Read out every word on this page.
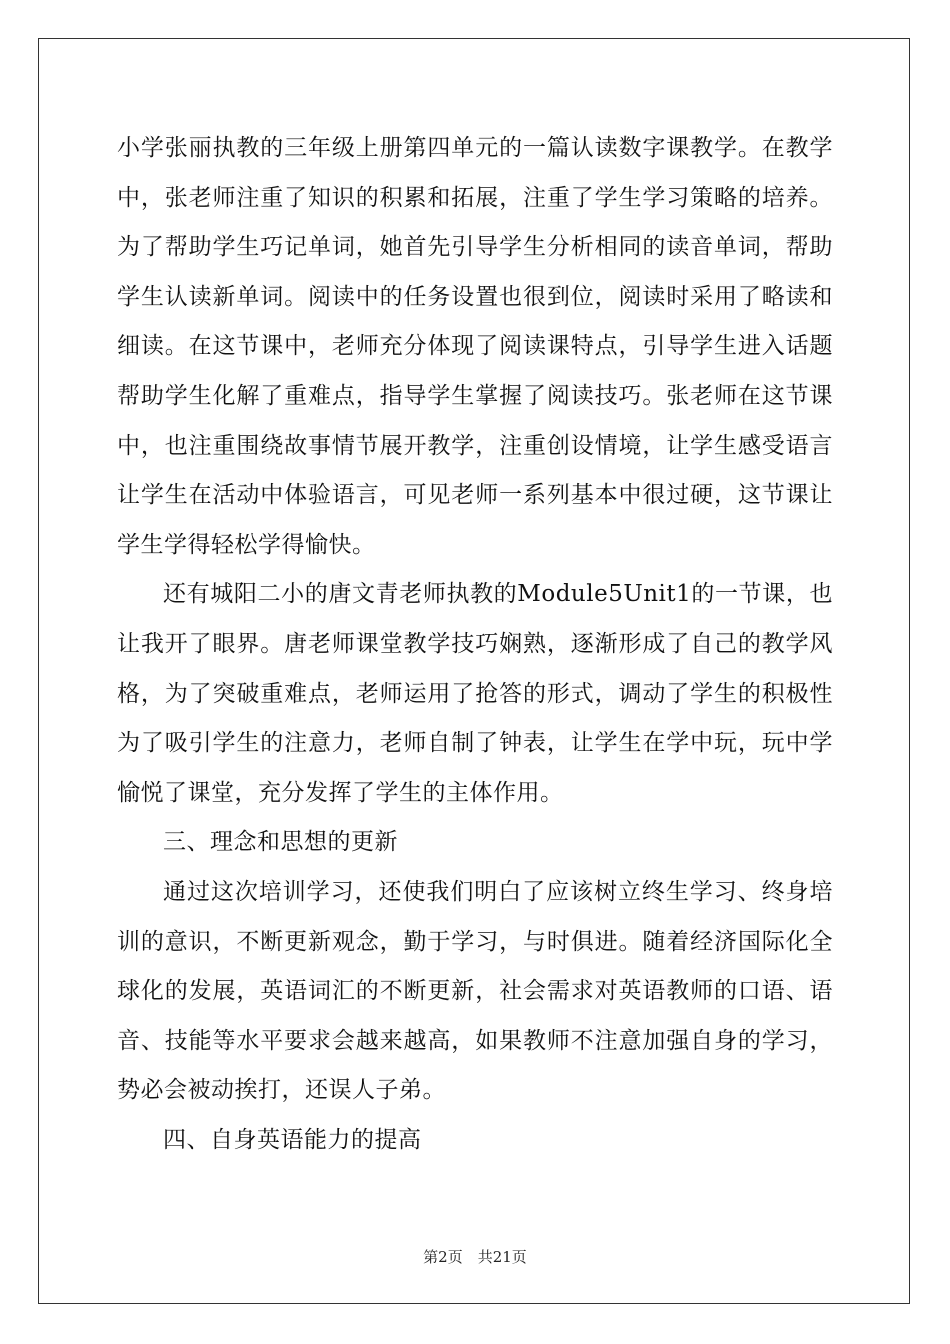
小学张丽执教的三年级上册第四单元的一篇认读数字课教学。在教学中，张老师注重了知识的积累和拓展，注重了学生学习策略的培养。为了帮助学生巧记单词，她首先引导学生分析相同的读音单词，帮助学生认读新单词。阅读中的任务设置也很到位，阅读时采用了略读和细读。在这节课中，老师充分体现了阅读课特点，引导学生进入话题帮助学生化解了重难点，指导学生掌握了阅读技巧。张老师在这节课中，也注重围绕故事情节展开教学，注重创设情境，让学生感受语言让学生在活动中体验语言，可见老师一系列基本中很过硬，这节课让学生学得轻松学得愉快。

还有城阳二小的唐文青老师执教的Module5Unit1的一节课，也让我开了眼界。唐老师课堂教学技巧娴熟，逐渐形成了自己的教学风格，为了突破重难点，老师运用了抢答的形式，调动了学生的积极性为了吸引学生的注意力，老师自制了钟表，让学生在学中玩，玩中学愉悦了课堂，充分发挥了学生的主体作用。

三、理念和思想的更新

通过这次培训学习，还使我们明白了应该树立终生学习、终身培训的意识，不断更新观念，勤于学习，与时俱进。随着经济国际化全球化的发展，英语词汇的不断更新，社会需求对英语教师的口语、语音、技能等水平要求会越来越高，如果教师不注意加强自身的学习，势必会被动挨打，还误人子弟。

四、自身英语能力的提高

第2页　共21页
